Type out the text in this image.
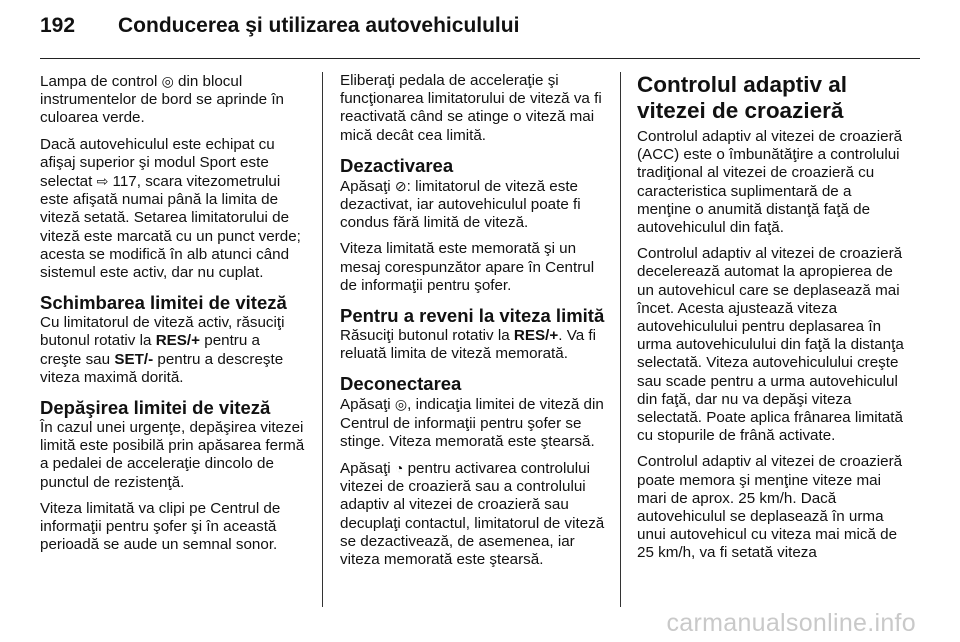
192	Conducerea şi utilizarea autovehiculului

Lampa de control ◎ din blocul instrumentelor de bord se aprinde în culoarea verde.

Dacă autovehiculul este echipat cu afişaj superior şi modul Sport este selectat ⇨ 117, scara vitezometrului este afişată numai până la limita de viteză setată. Setarea limitatorului de viteză este marcată cu un punct verde; acesta se modifică în alb atunci când sistemul este activ, dar nu cuplat.

Schimbarea limitei de viteză

Cu limitatorul de viteză activ, răsuciţi butonul rotativ la RES/+ pentru a creşte sau SET/- pentru a descreşte viteza maximă dorită.

Depăşirea limitei de viteză

În cazul unei urgenţe, depăşirea vitezei limită este posibilă prin apăsarea fermă a pedalei de acceleraţie dincolo de punctul de rezistenţă.

Viteza limitată va clipi pe Centrul de informaţii pentru şofer şi în această perioadă se aude un semnal sonor.

Eliberaţi pedala de acceleraţie şi funcţionarea limitatorului de viteză va fi reactivată când se atinge o viteză mai mică decât cea limită.

Dezactivarea

Apăsaţi ⊘: limitatorul de viteză este dezactivat, iar autovehiculul poate fi condus fără limită de viteză.

Viteza limitată este memorată şi un mesaj corespunzător apare în Centrul de informaţii pentru şofer.

Pentru a reveni la viteza limită

Răsuciţi butonul rotativ la RES/+. Va fi reluată limita de viteză memorată.

Deconectarea

Apăsaţi ◎, indicaţia limitei de viteză din Centrul de informaţii pentru şofer se stinge. Viteza memorată este ştearsă.

Apăsaţi ◔ pentru activarea controlului vitezei de croazieră sau a controlului adaptiv al vitezei de croazieră sau decuplaţi contactul, limitatorul de viteză se dezactivează, de asemenea, iar viteza memorată este ştearsă.

Controlul adaptiv al vitezei de croazieră

Controlul adaptiv al vitezei de croazieră (ACC) este o îmbunătăţire a controlului tradiţional al vitezei de croazieră cu caracteristica suplimentară de a menţine o anumită distanţă faţă de autovehiculul din faţă.

Controlul adaptiv al vitezei de croazieră decelerează automat la apropierea de un autovehicul care se deplasează mai încet. Acesta ajustează viteza autovehiculului pentru deplasarea în urma autovehiculului din faţă la distanţa selectată. Viteza autovehiculului creşte sau scade pentru a urma autovehiculul din faţă, dar nu va depăşi viteza selectată. Poate aplica frânarea limitată cu stopurile de frână activate.

Controlul adaptiv al vitezei de croazieră poate memora şi menţine viteze mai mari de aprox. 25 km/h. Dacă autovehiculul se deplasează în urma unui autovehicul cu viteza mai mică de 25 km/h, va fi setată viteza

carmanualsonline.info
